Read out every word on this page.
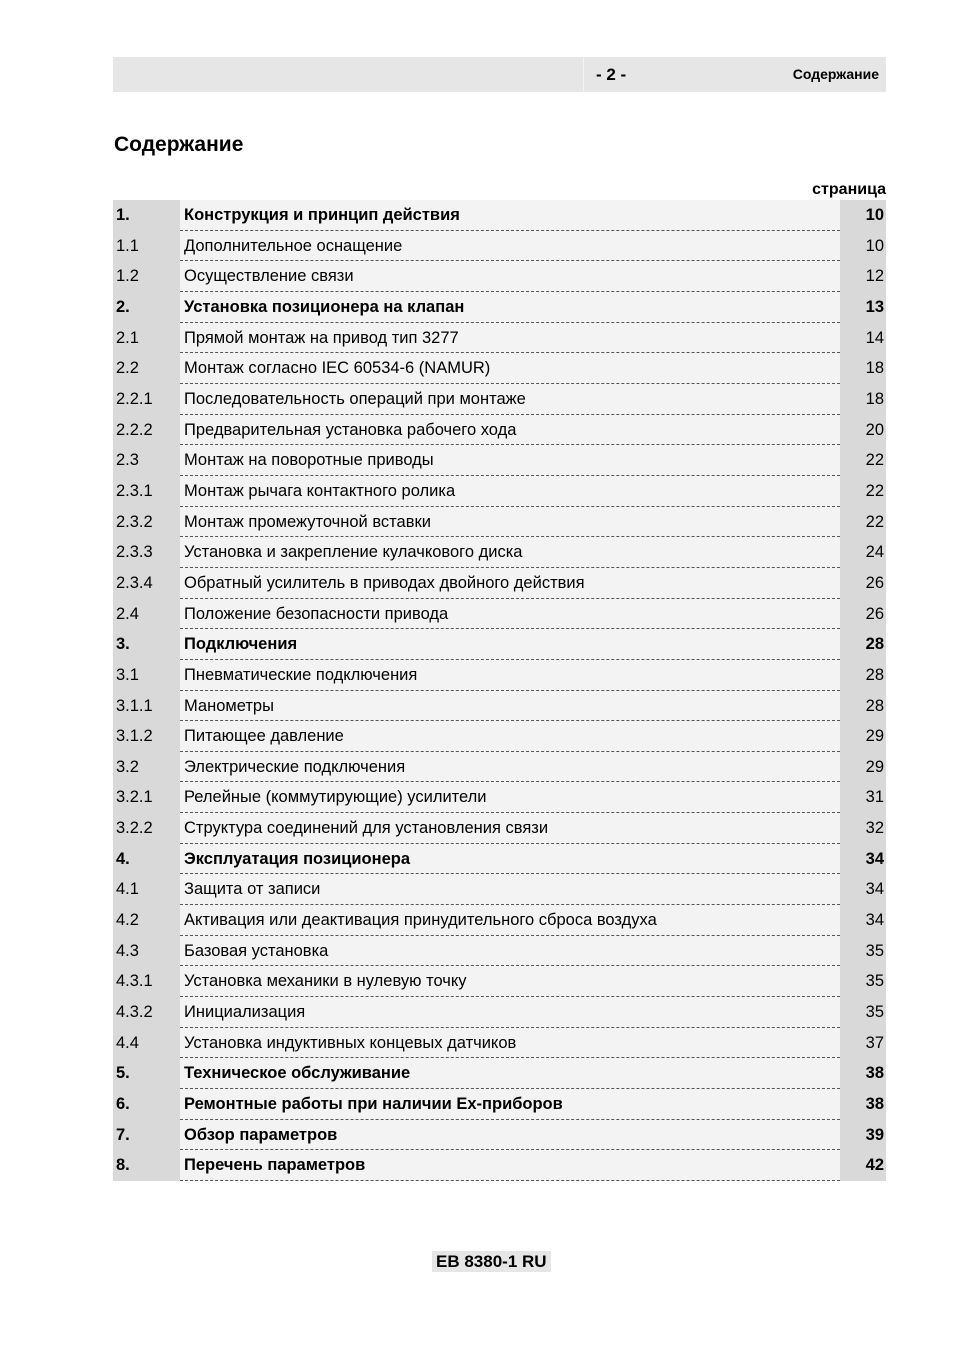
- 2 -	Содержание
Содержание
страница
1.	Конструкция и принцип действия	10
1.1	Дополнительное оснащение	10
1.2	Осуществление связи	12
2.	Установка позиционера на клапан	13
2.1	Прямой монтаж на привод тип 3277	14
2.2	Монтаж согласно IEC 60534-6 (NAMUR)	18
2.2.1	Последовательность операций при монтаже	18
2.2.2	Предварительная установка рабочего хода	20
2.3	Монтаж на поворотные приводы	22
2.3.1	Монтаж рычага контактного ролика	22
2.3.2	Монтаж промежуточной вставки	22
2.3.3	Установка и закрепление кулачкового диска	24
2.3.4	Обратный усилитель в приводах двойного действия	26
2.4	Положение безопасности привода	26
3.	Подключения	28
3.1	Пневматические подключения	28
3.1.1	Манометры	28
3.1.2	Питающее давление	29
3.2	Электрические подключения	29
3.2.1	Релейные (коммутирующие) усилители	31
3.2.2	Структура соединений для установления связи	32
4.	Эксплуатация позиционера	34
4.1	Защита от записи	34
4.2	Активация или деактивация принудительного сброса воздуха	34
4.3	Базовая установка	35
4.3.1	Установка механики в нулевую точку	35
4.3.2	Инициализация	35
4.4	Установка индуктивных концевых датчиков	37
5.	Техническое обслуживание	38
6.	Ремонтные работы при наличии Ex-приборов	38
7.	Обзор параметров	39
8.	Перечень параметров	42
EB 8380-1 RU
